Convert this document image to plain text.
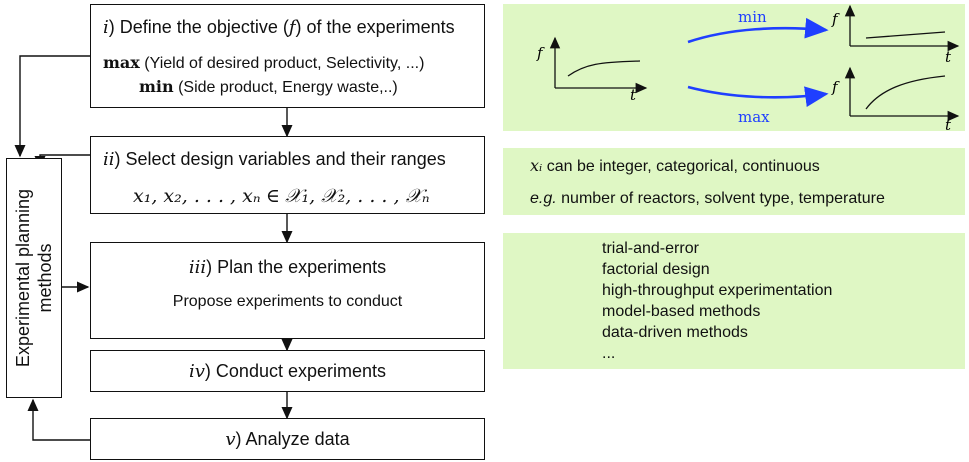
f
t
f
t
f
t
min
max
i) Define the objective (f) of the experiments
max (Yield of desired product, Selectivity, ...)
min (Side product, Energy waste,..)
ii) Select design variables and their ranges
x₁, x₂, . . . , xₙ ∈ 𝒳₁, 𝒳₂, . . . , 𝒳ₙ
iii) Plan the experiments
Propose experiments to conduct
iv) Conduct experiments
v) Analyze data
Experimental planning methods
xᵢ can be integer, categorical, continuous
e.g. number of reactors, solvent type, temperature
trial-and-error
factorial design
high-throughput experimentation
model-based methods
data-driven methods
...
